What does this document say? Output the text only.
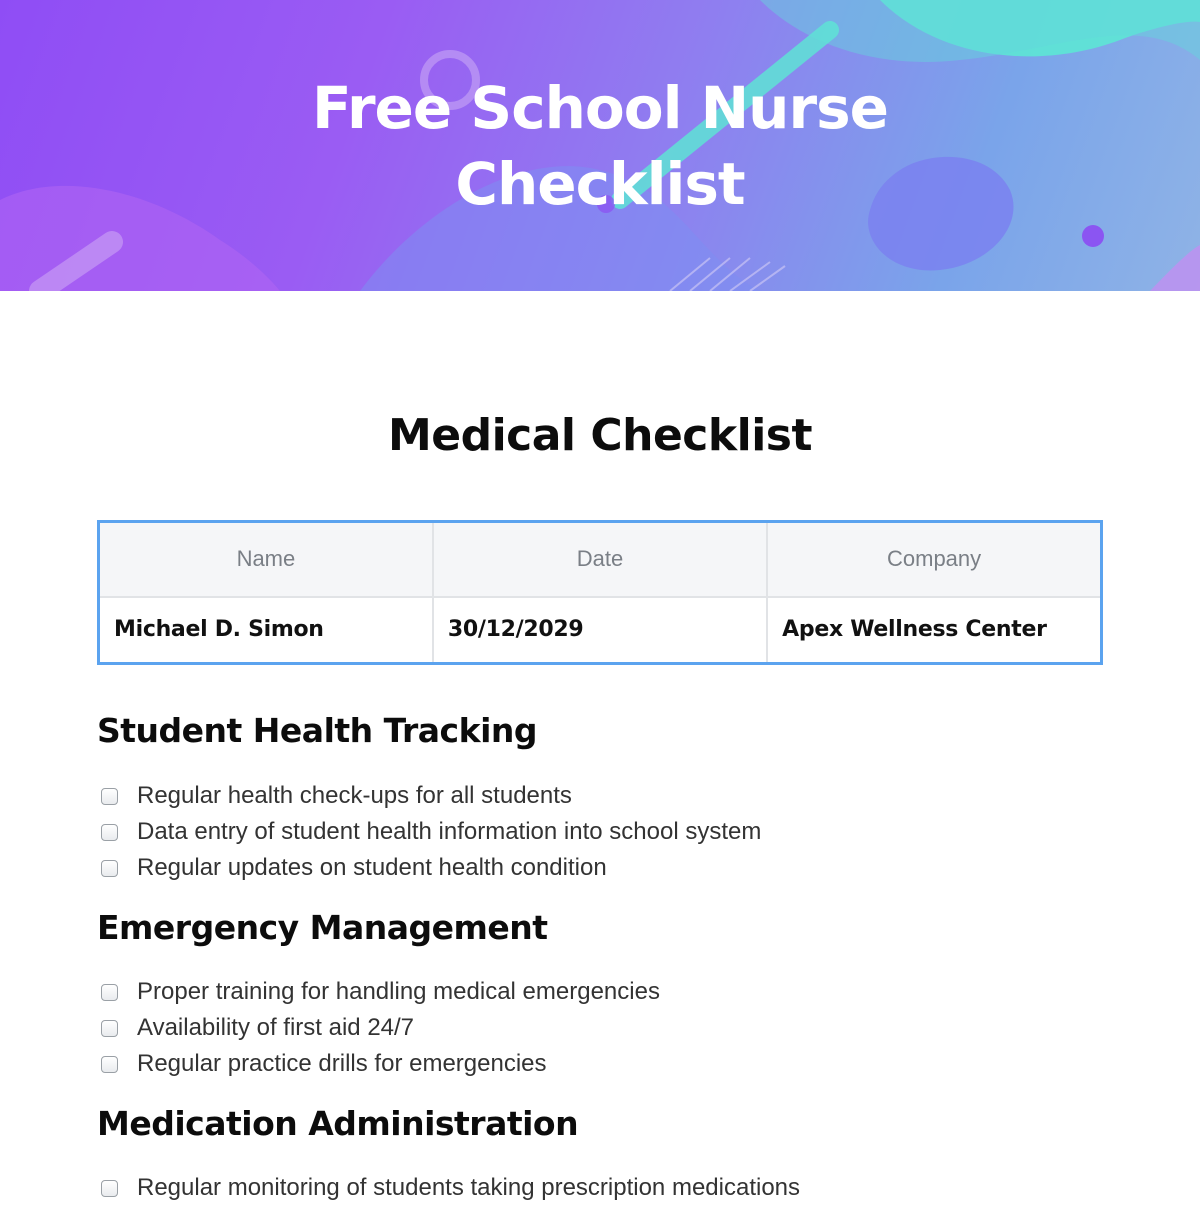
Free School Nurse
Checklist
Medical Checklist
Name	Date	Company
Michael D. Simon	30/12/2029	Apex Wellness Center
Student Health Tracking
Regular health check-ups for all students
Data entry of student health information into school system
Regular updates on student health condition
Emergency Management
Proper training for handling medical emergencies
Availability of first aid 24/7
Regular practice drills for emergencies
Medication Administration
Regular monitoring of students taking prescription medications
